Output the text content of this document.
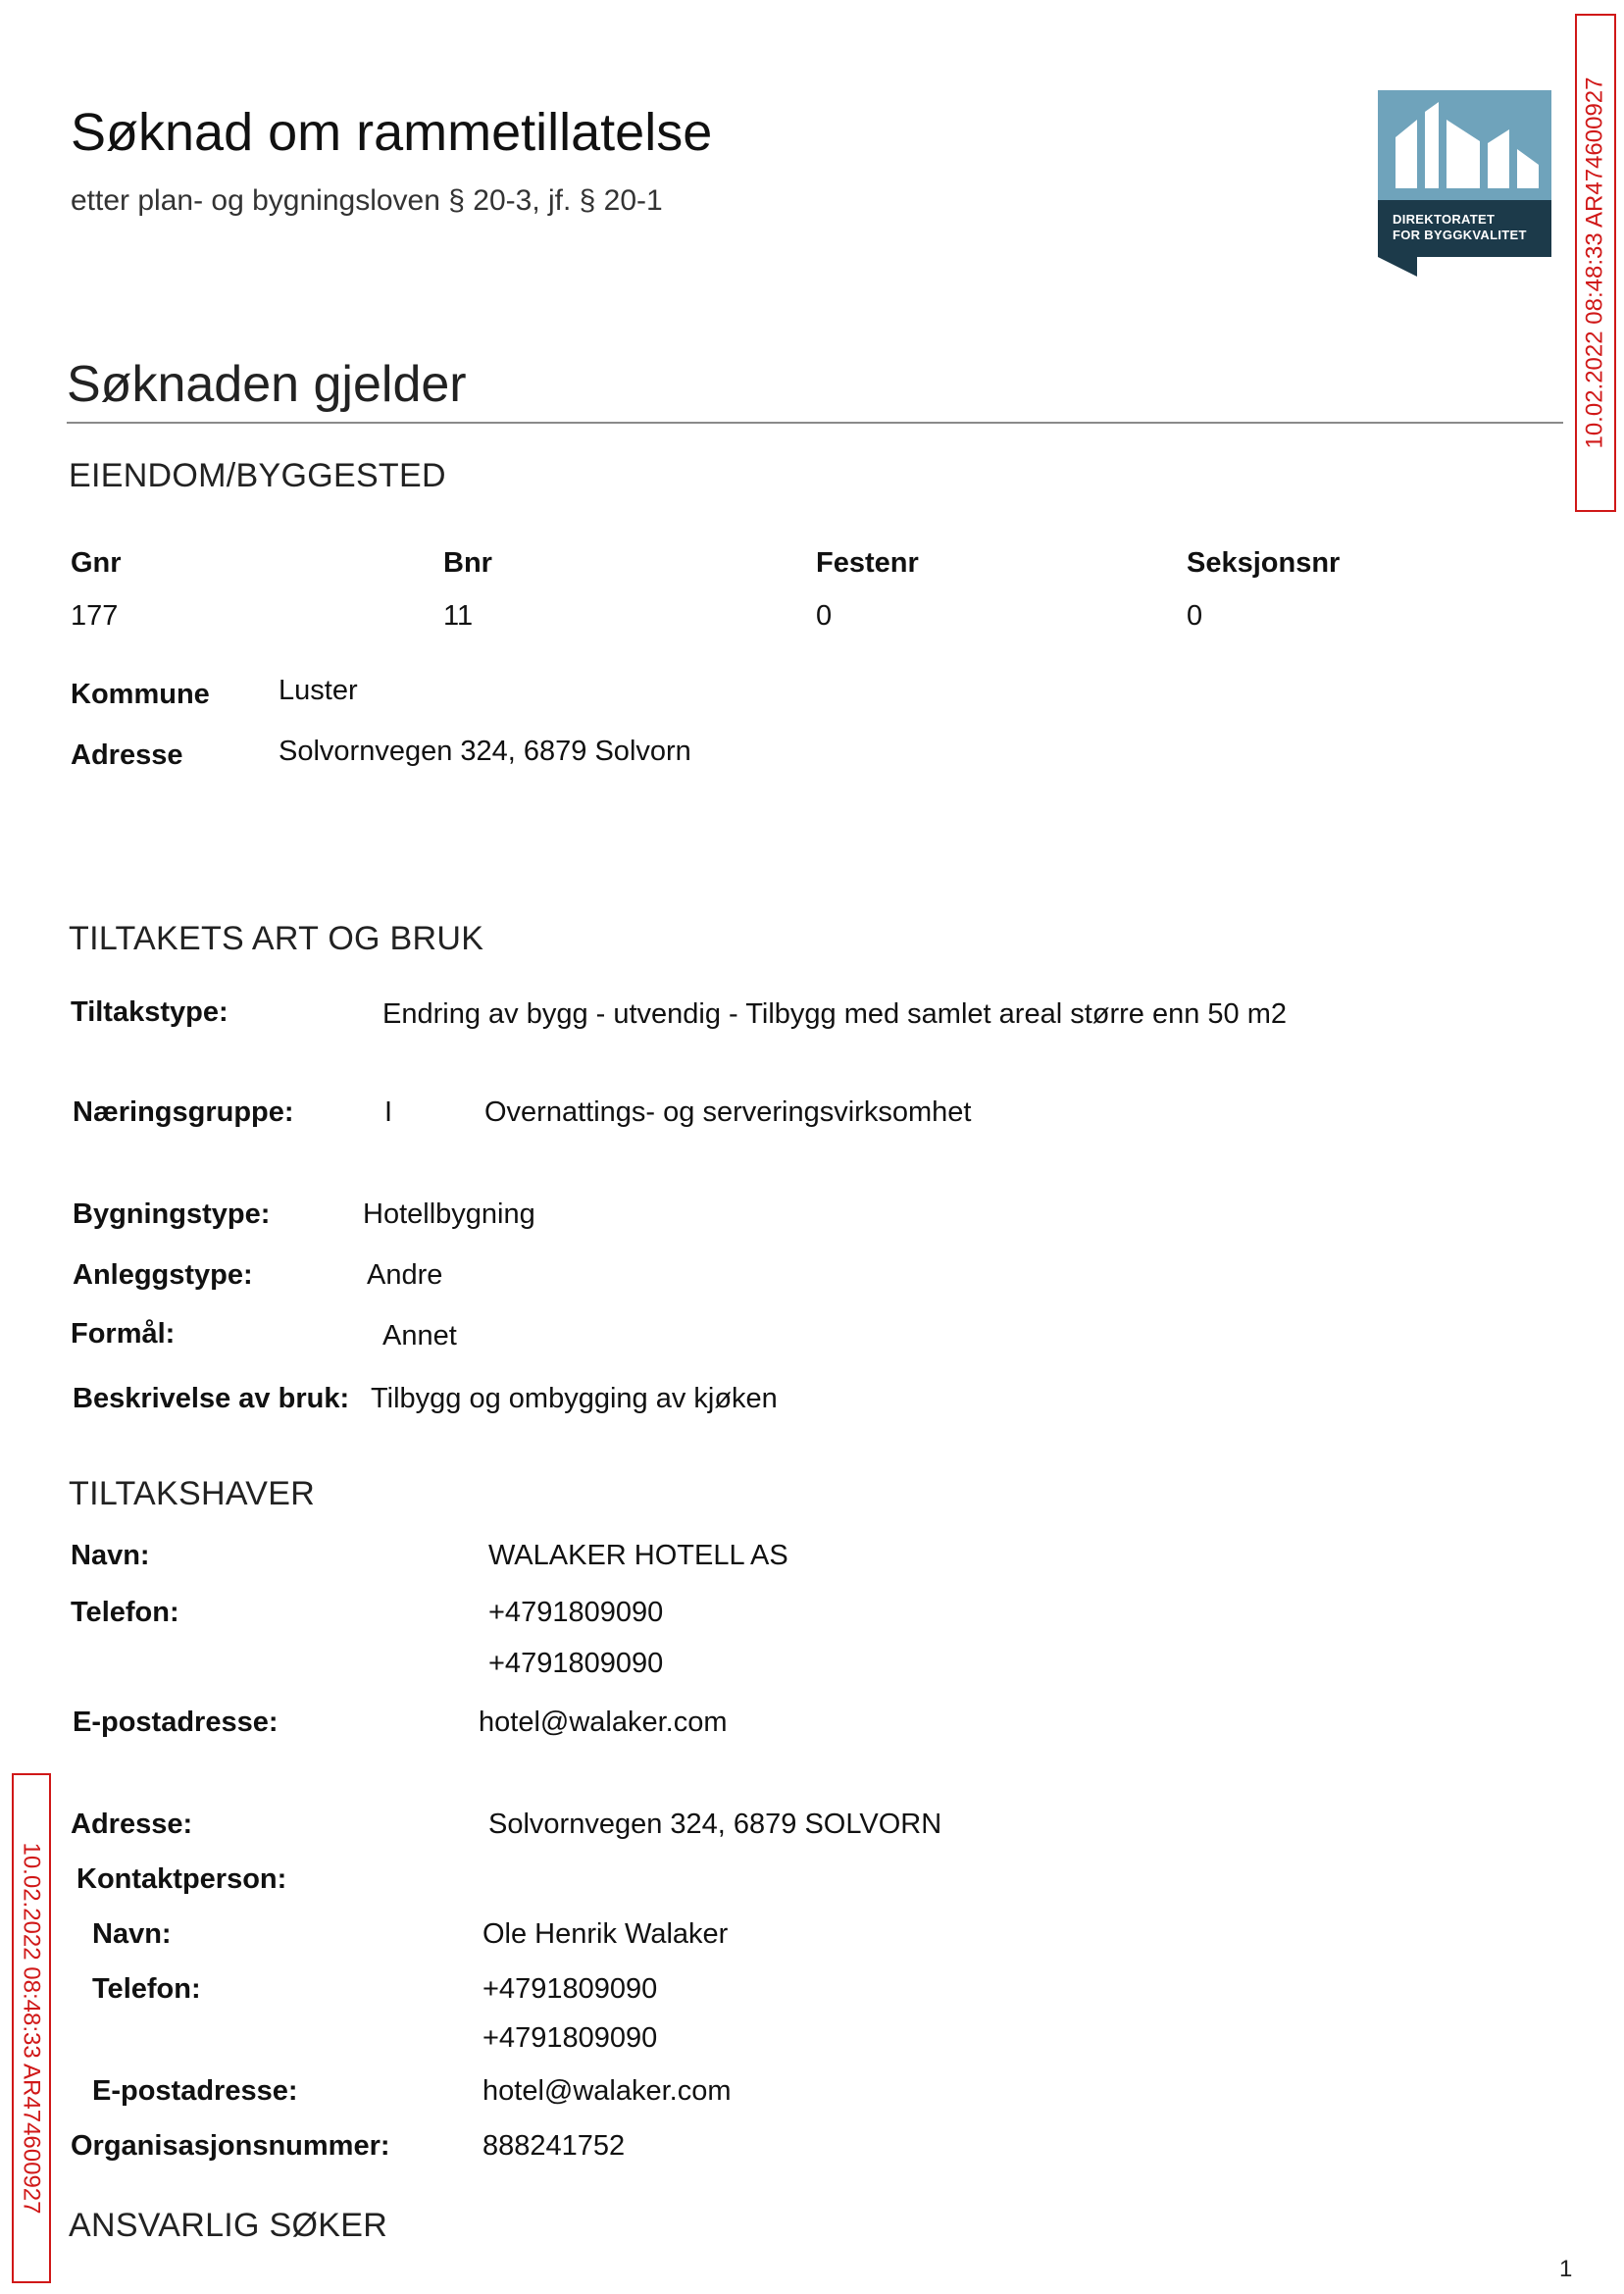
Søknad om rammetillatelse
etter plan- og bygningsloven § 20-3, jf. § 20-1
DIREKTORATET
FOR BYGGKVALITET 10.02.2022 08:48:33 AR474600927
10.02.2022 08:48:33 AR474600927
Søknaden gjelder
EIENDOM/BYGGESTED
Gnr	Bnr	Festenr	Seksjonsnr
177	11	0	0
Kommune Luster
Adresse	Solvornvegen 324, 6879 Solvorn
TILTAKETS ART OG BRUK
Tiltakstype:	Endring av bygg - utvendig - Tilbygg med samlet areal større enn 50 m2
Næringsgruppe:	I	Overnattings- og serveringsvirksomhet
Bygningstype:	Hotellbygning
Anleggstype:	Andre
Formål:	Annet
Beskrivelse av bruk: Tilbygg og ombygging av kjøken
TILTAKSHAVER
Navn:	WALAKER HOTELL AS
Telefon:	+4791809090
+4791809090
E-postadresse:	hotel@walaker.com
Adresse:	Solvornvegen 324, 6879 SOLVORN
Kontaktperson:
Navn:	Ole Henrik Walaker
Telefon:	+4791809090
+4791809090
E-postadresse:	hotel@walaker.com
Organisasjonsnummer:	888241752
ANSVARLIG SØKER
1
